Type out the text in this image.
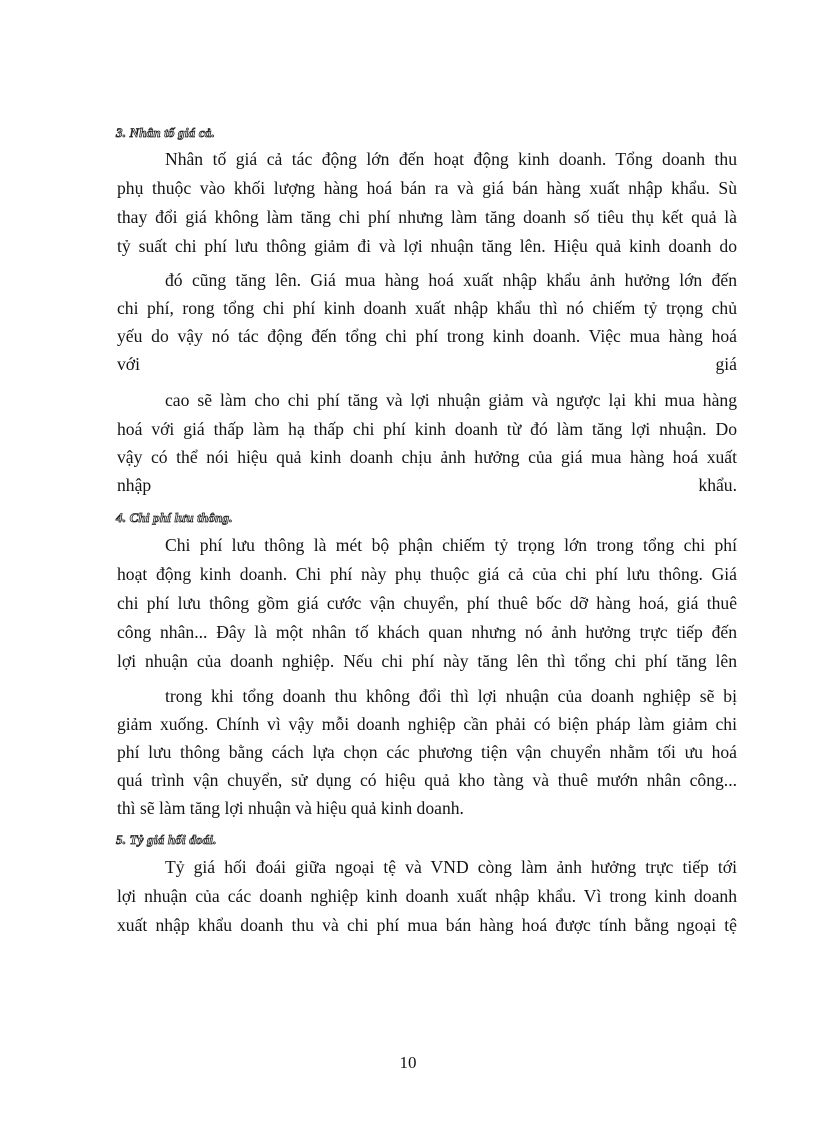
3. Nhân tố giá cả.
Nhân tố giá cả tác động lớn đến hoạt động kinh doanh. Tổng doanh thu
phụ thuộc vào khối lượng hàng hoá bán ra và giá bán hàng xuất nhập khẩu. Sù
thay đổi giá không làm tăng chi phí nhưng làm tăng doanh số tiêu thụ kết quả là
tỷ suất chi phí lưu thông giảm đi và lợi nhuận tăng lên. Hiệu quả kinh doanh do
đó cũng tăng lên. Giá mua hàng hoá xuất nhập khẩu ảnh hưởng lớn đến
chi phí, rong tổng chi phí kinh doanh xuất nhập khẩu thì nó chiếm tỷ trọng chủ
yếu do vậy nó tác động đến tổng chi phí trong kinh doanh. Việc mua hàng hoá
với	giá
cao sẽ làm cho chi phí tăng và lợi nhuận giảm và ngược lại khi mua hàng
hoá với giá thấp làm hạ thấp chi phí kinh doanh từ đó làm tăng lợi nhuận. Do
vậy có thể nói hiệu quả kinh doanh chịu ảnh hưởng của giá mua hàng hoá xuất
nhập	khẩu.
4. Chi phí lưu thông.
Chi phí lưu thông là mét bộ phận chiếm tỷ trọng lớn trong tổng chi phí
hoạt động kinh doanh. Chi phí này phụ thuộc giá cả của chi phí lưu thông. Giá
chi phí lưu thông gồm giá cước vận chuyển, phí thuê bốc dỡ hàng hoá, giá thuê
công nhân... Đây là một nhân tố khách quan nhưng nó ảnh hưởng trực tiếp đến
lợi nhuận của doanh nghiệp. Nếu chi phí này tăng lên thì tổng chi phí tăng lên
trong khi tổng doanh thu không đổi thì lợi nhuận của doanh nghiệp sẽ bị
giảm xuống. Chính vì vậy mỗi doanh nghiệp cần phải có biện pháp làm giảm chi
phí lưu thông bằng cách lựa chọn các phương tiện vận chuyển nhằm tối ưu hoá
quá trình vận chuyển, sử dụng có hiệu quả kho tàng và thuê mướn nhân công...
thì sẽ làm tăng lợi nhuận và hiệu quả kinh doanh.
5. Tỷ giá hối đoái.
Tỷ giá hối đoái giữa ngoại tệ và VND còng làm ảnh hưởng trực tiếp tới
lợi nhuận của các doanh nghiệp kinh doanh xuất nhập khẩu. Vì trong kinh doanh
xuất nhập khẩu doanh thu và chi phí mua bán hàng hoá được tính bằng ngoại tệ
10
